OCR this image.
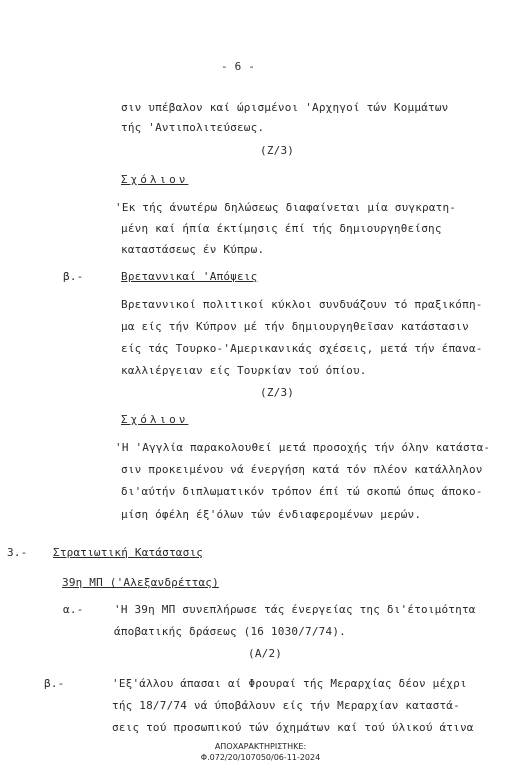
- 6 -
σιν υπέβαλον καί ώρισμένοι 'Αρχηγοί τών Κομμάτων
τής 'Αντιπολιτεύσεως.
(Z/3)
Σχόλιον
'Εκ τής άνωτέρω δηλώσεως διαφαίνεται μία συγκρατη-
μένη καί ήπία έκτίμησις έπί τής δημιουργηθείσης
καταστάσεως έν Κύπρω.
β.-	Βρεταννικαί 'Απόψεις
Βρεταννικοί πολιτικοί κύκλοι συνδυάζουν τό πραξικόπη-
μα είς τήν Κύπρον μέ τήν δημιουργηθεῖσαν κατάστασιν
είς τάς Τουρκο-'Αμερικανικάς σχέσεις, μετά τήν έπανα-
καλλιέργειαν είς Τουρκίαν τού όπίου.
(Z/3)
Σχόλιον
'Η 'Αγγλία παρακολουθεί μετά προσοχής τήν όλην κατάστα-
σιν προκειμένου νά ένεργήση κατά τόν πλέον κατάλληλον
δι'αύτήν διπλωματικόν τρόπον έπί τώ σκοπώ όπως άποκο-
μίση όφέλη έξ'όλων τών ένδιαφερομένων μερών.
3.- Στρατιωτική Κατάστασις
39η ΜΠ ('Αλεξανδρέττας)
α.-	'Η 39η ΜΠ συνεπλήρωσε τάς ένεργείας της δι'έτοιμότητα
άποβατικής δράσεως (16 1030/7/74).
(A/2)
β.-	'Εξ'άλλου άπασαι αί Φρουραί τής Μεραρχίας δέον μέχρι
τής 18/7/74 νά ύποβάλουν είς τήν Μεραρχίαν καταστά-
σεις τού προσωπικού τών όχημάτων καί τού ύλικού άτινα
ΑΠΟΧΑΡΑΚΤΗΡΙΣΤΗΚΕ:
Φ.072/20/107050/06-11-2024
